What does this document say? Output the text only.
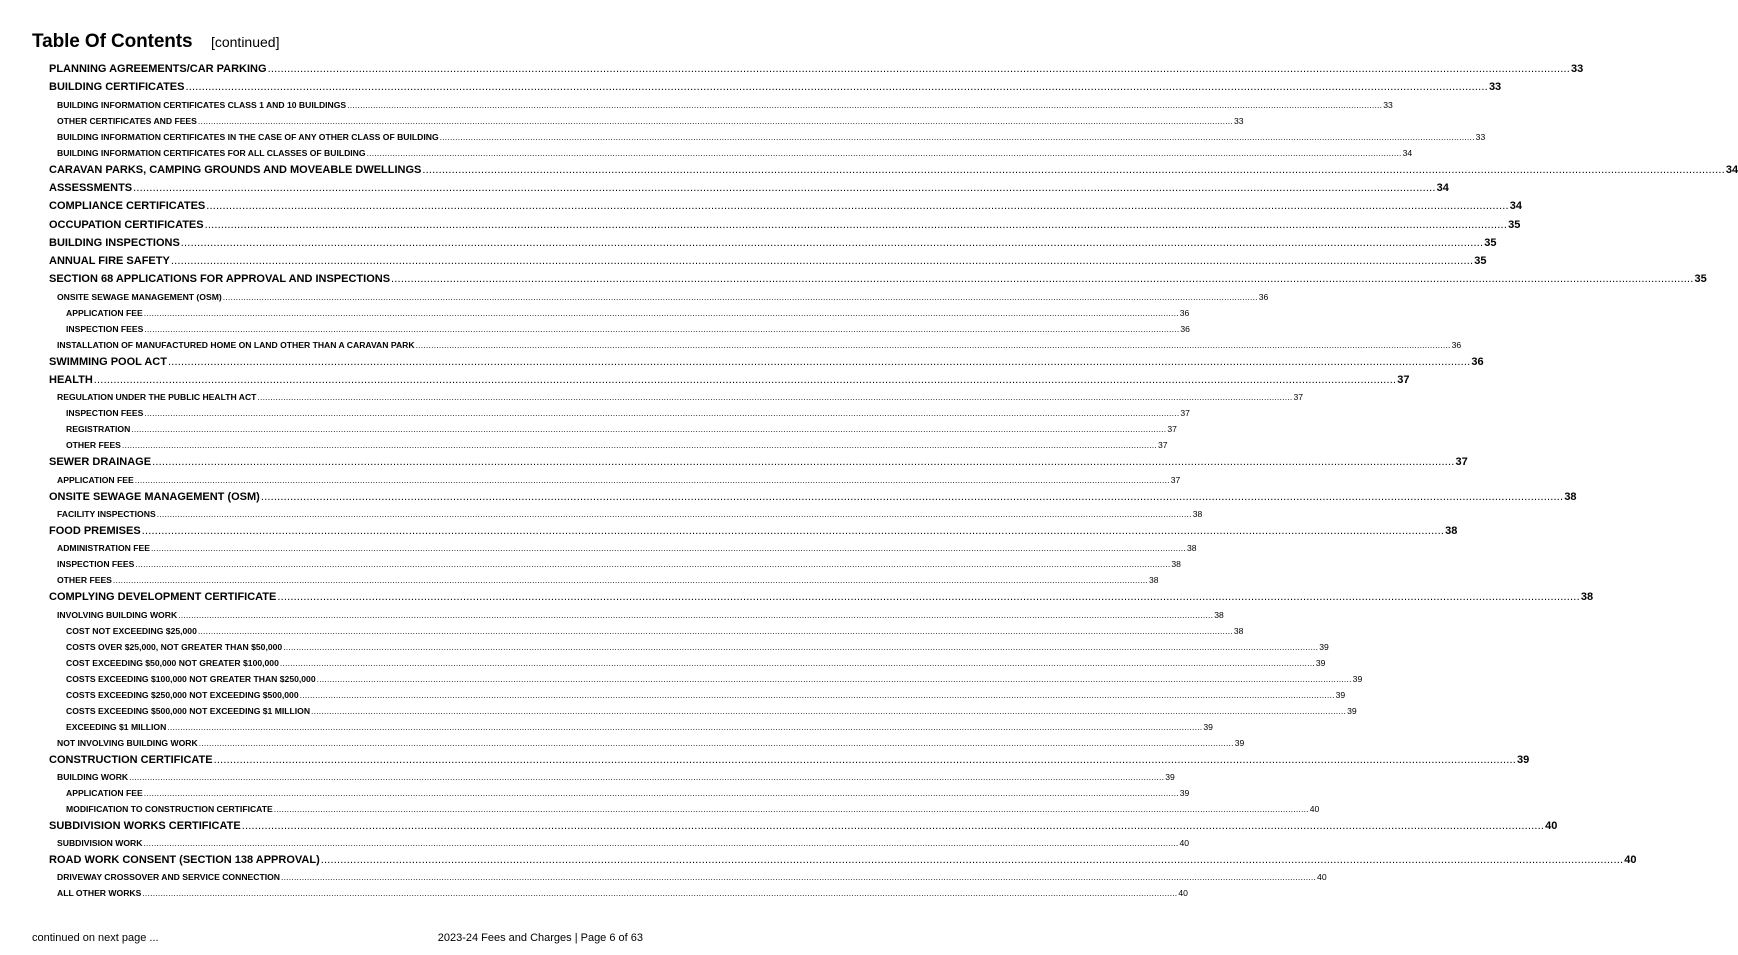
Table Of Contents [continued]
PLANNING AGREEMENTS/CAR PARKING ................................................................................................................................................................................................................................................................................................................................................................................................................ 33
BUILDING CERTIFICATES ................................................................................................................................................................................................................................................................................................................................................................................................................ 33
BUILDING INFORMATION CERTIFICATES CLASS 1 AND 10 BUILDINGS ................................................................................................................................................................................................................................................................................................................................................................................................................ 33
OTHER CERTIFICATES AND FEES ................................................................................................................................................................................................................................................................................................................................................................................................................ 33
BUILDING INFORMATION CERTIFICATES IN THE CASE OF ANY OTHER CLASS OF BUILDING ................................................................................................................................................................................................................................................................................................................................................................................................................ 33
BUILDING INFORMATION CERTIFICATES FOR ALL CLASSES OF BUILDING ................................................................................................................................................................................................................................................................................................................................................................................................................ 34
CARAVAN PARKS, CAMPING GROUNDS AND MOVEABLE DWELLINGS ................................................................................................................................................................................................................................................................................................................................................................................................................ 34
ASSESSMENTS ................................................................................................................................................................................................................................................................................................................................................................................................................ 34
COMPLIANCE CERTIFICATES ................................................................................................................................................................................................................................................................................................................................................................................................................ 34
OCCUPATION CERTIFICATES ................................................................................................................................................................................................................................................................................................................................................................................................................ 35
BUILDING INSPECTIONS ................................................................................................................................................................................................................................................................................................................................................................................................................ 35
ANNUAL FIRE SAFETY ................................................................................................................................................................................................................................................................................................................................................................................................................ 35
SECTION 68 APPLICATIONS FOR APPROVAL AND INSPECTIONS ................................................................................................................................................................................................................................................................................................................................................................................................................ 35
ONSITE SEWAGE MANAGEMENT (OSM) ................................................................................................................................................................................................................................................................................................................................................................................................................ 36
APPLICATION FEE ................................................................................................................................................................................................................................................................................................................................................................................................................ 36
INSPECTION FEES ................................................................................................................................................................................................................................................................................................................................................................................................................ 36
INSTALLATION OF MANUFACTURED HOME ON LAND OTHER THAN A CARAVAN PARK ................................................................................................................................................................................................................................................................................................................................................................................................................ 36
SWIMMING POOL ACT ................................................................................................................................................................................................................................................................................................................................................................................................................ 36
HEALTH ................................................................................................................................................................................................................................................................................................................................................................................................................ 37
REGULATION UNDER THE PUBLIC HEALTH ACT ................................................................................................................................................................................................................................................................................................................................................................................................................ 37
INSPECTION FEES ................................................................................................................................................................................................................................................................................................................................................................................................................ 37
REGISTRATION ................................................................................................................................................................................................................................................................................................................................................................................................................ 37
OTHER FEES ................................................................................................................................................................................................................................................................................................................................................................................................................ 37
SEWER DRAINAGE ................................................................................................................................................................................................................................................................................................................................................................................................................ 37
APPLICATION FEE ................................................................................................................................................................................................................................................................................................................................................................................................................ 37
ONSITE SEWAGE MANAGEMENT (OSM) ................................................................................................................................................................................................................................................................................................................................................................................................................ 38
FACILITY INSPECTIONS ................................................................................................................................................................................................................................................................................................................................................................................................................ 38
FOOD PREMISES ................................................................................................................................................................................................................................................................................................................................................................................................................ 38
ADMINISTRATION FEE ................................................................................................................................................................................................................................................................................................................................................................................................................ 38
INSPECTION FEES ................................................................................................................................................................................................................................................................................................................................................................................................................ 38
OTHER FEES ................................................................................................................................................................................................................................................................................................................................................................................................................ 38
COMPLYING DEVELOPMENT CERTIFICATE ................................................................................................................................................................................................................................................................................................................................................................................................................ 38
INVOLVING BUILDING WORK ................................................................................................................................................................................................................................................................................................................................................................................................................ 38
COST NOT EXCEEDING $25,000 ................................................................................................................................................................................................................................................................................................................................................................................................................ 38
COSTS OVER $25,000, NOT GREATER THAN $50,000 ................................................................................................................................................................................................................................................................................................................................................................................................................ 39
COST EXCEEDING $50,000 NOT GREATER $100,000 ................................................................................................................................................................................................................................................................................................................................................................................................................ 39
COSTS EXCEEDING $100,000 NOT GREATER THAN $250,000 ................................................................................................................................................................................................................................................................................................................................................................................................................ 39
COSTS EXCEEDING $250,000 NOT EXCEEDING $500,000 ................................................................................................................................................................................................................................................................................................................................................................................................................ 39
COSTS EXCEEDING $500,000 NOT EXCEEDING $1 MILLION ................................................................................................................................................................................................................................................................................................................................................................................................................ 39
EXCEEDING $1 MILLION ................................................................................................................................................................................................................................................................................................................................................................................................................ 39
NOT INVOLVING BUILDING WORK ................................................................................................................................................................................................................................................................................................................................................................................................................ 39
CONSTRUCTION CERTIFICATE ................................................................................................................................................................................................................................................................................................................................................................................................................ 39
BUILDING WORK ................................................................................................................................................................................................................................................................................................................................................................................................................ 39
APPLICATION FEE ................................................................................................................................................................................................................................................................................................................................................................................................................ 39
MODIFICATION TO CONSTRUCTION CERTIFICATE ................................................................................................................................................................................................................................................................................................................................................................................................................ 40
SUBDIVISION WORKS CERTIFICATE ................................................................................................................................................................................................................................................................................................................................................................................................................ 40
SUBDIVISION WORK ................................................................................................................................................................................................................................................................................................................................................................................................................ 40
ROAD WORK CONSENT (SECTION 138 APPROVAL) ................................................................................................................................................................................................................................................................................................................................................................................................................ 40
DRIVEWAY CROSSOVER AND SERVICE CONNECTION ................................................................................................................................................................................................................................................................................................................................................................................................................ 40
ALL OTHER WORKS ................................................................................................................................................................................................................................................................................................................................................................................................................ 40
continued on next page ...	2023-24 Fees and Charges | Page 6 of 63
